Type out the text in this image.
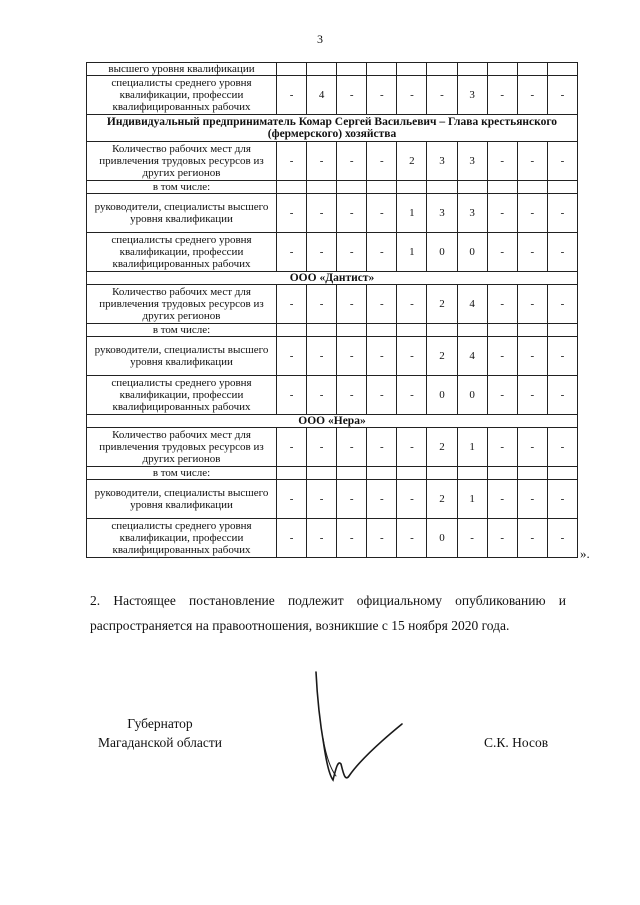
3
высшего уровня квалификации										
специалисты среднего уровня квалификации, профессии квалифицированных рабочих	-	4	-	-	-	-	3	-	-	-
Индивидуальный предприниматель Комар Сергей Васильевич – Глава крестьянского (фермерского) хозяйства										
Количество рабочих мест для привлечения трудовых ресурсов из других регионов	-	-	-	-	2	3	3	-	-	-
в том числе:										
руководители, специалисты высшего уровня квалификации	-	-	-	-	1	3	3	-	-	-
специалисты среднего уровня квалификации, профессии квалифицированных рабочих	-	-	-	-	1	0	0	-	-	-
ООО «Дантист»										
Количество рабочих мест для привлечения трудовых ресурсов из других регионов	-	-	-	-	-	2	4	-	-	-
в том числе:										
руководители, специалисты высшего уровня квалификации	-	-	-	-	-	2	4	-	-	-
специалисты среднего уровня квалификации, профессии квалифицированных рабочих	-	-	-	-	-	0	0	-	-	-
ООО «Нера»										
Количество рабочих мест для привлечения трудовых ресурсов из других регионов	-	-	-	-	-	2	1	-	-	-
в том числе:										
руководители, специалисты высшего уровня квалификации	-	-	-	-	-	2	1	-	-	-
специалисты среднего уровня квалификации, профессии квалифицированных рабочих	-	-	-	-	-	0	-	-	-	-
».
2. Настоящее постановление подлежит официальному опубликованию и распространяется на правоотношения, возникшие с 15 ноября 2020 года.
Губернатор Магаданской области	С.К. Носов
